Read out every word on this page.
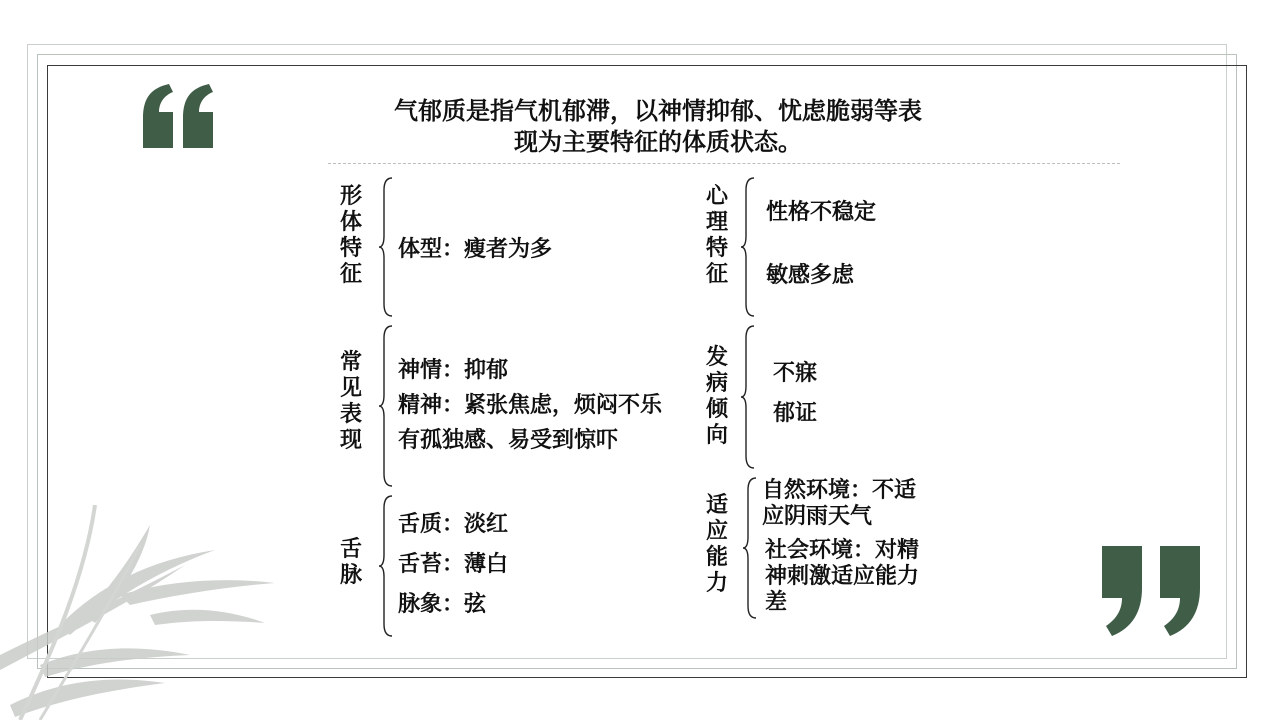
气郁质是指气机郁滞，以神情抑郁、忧虑脆弱等表
现为主要特征的体质状态。
形体特征
体型：瘦者为多
常见表现
神情：抑郁
精神：紧张焦虑，烦闷不乐
有孤独感、易受到惊吓
舌脉
舌质：淡红
舌苔：薄白
脉象：弦
心理特征
性格不稳定
敏感多虑
发病倾向
不寐
郁证
适应能力
自然环境：不适应阴雨天气
社会环境：对精神刺激适应能力差
